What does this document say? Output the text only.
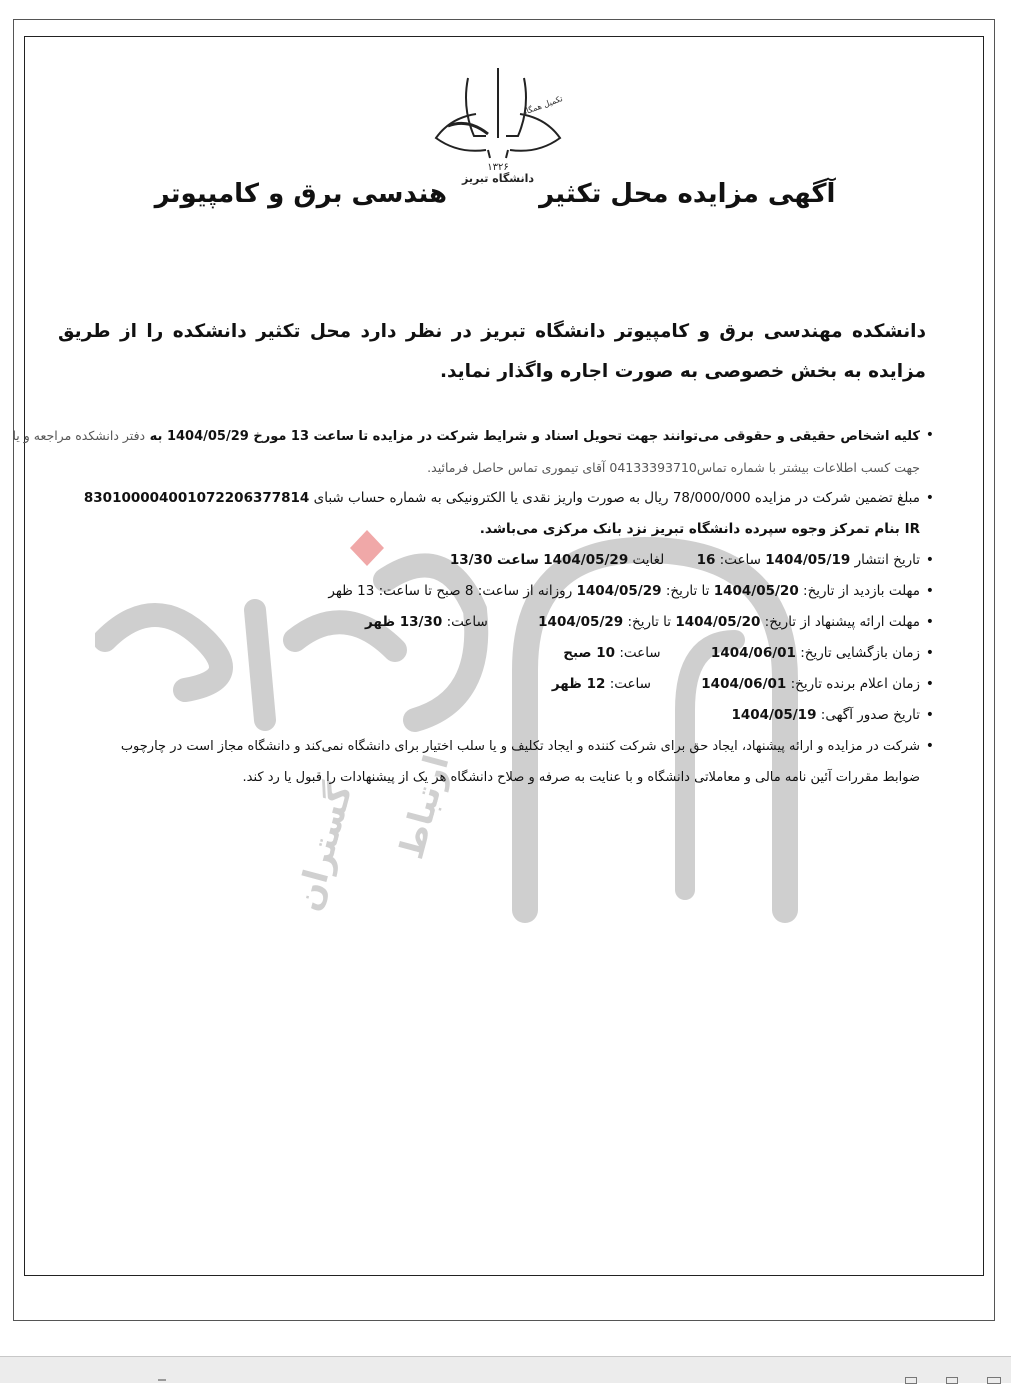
ارتباط
گستران
۱۳۲۶
دانشگاه تبریز
تکمیل همگام
آگهی مزایده محل تکثیرهندسی برق و کامپیوتر
دانشکده مهندسی برق و کامپیوتر دانشگاه تبریز در نظر دارد محل تکثیر دانشکده را از طریق مزایده به بخش خصوصی به صورت اجاره واگذار نماید.
• کلیه اشخاص حقیقی و حقوقی می‌توانند جهت تحویل اسناد و شرایط شرکت در مزایده تا ساعت 13 مورخ 1404/05/29 به دفتر دانشکده مراجعه و یا
جهت کسب اطلاعات بیشتر با شماره تماس04133393710 آقای تیموری تماس حاصل فرمائید.
• مبلغ تضمین شرکت در مزایده 78/000/000 ریال به صورت واریز نقدی یا الکترونیکی به شماره حساب شبای 830100004001072206377814
IR بنام تمرکز وجوه سپرده دانشگاه تبریز نزد بانک مرکزی می‌باشد.
• تاریخ انتشار 1404/05/19 ساعت: 16 لغایت 1404/05/29 ساعت 13/30
• مهلت بازدید از تاریخ: 1404/05/20 تا تاریخ: 1404/05/29 روزانه از ساعت: 8 صبح تا ساعت: 13 ظهر
• مهلت ارائه پیشنهاد از تاریخ: 1404/05/20 تا تاریخ: 1404/05/29 ساعت: 13/30 ظهر
• زمان بازگشایی تاریخ: 1404/06/01 ساعت: 10 صبح
• زمان اعلام برنده تاریخ: 1404/06/01 ساعت: 12 ظهر
• تاریخ صدور آگهی: 1404/05/19
• شرکت در مزایده و ارائه پیشنهاد، ایجاد حق برای شرکت کننده و ایجاد تکلیف و یا سلب اختیار برای دانشگاه نمی‌کند و دانشگاه مجاز است در چارچوب
ضوابط مقررات آئین نامه مالی و معاملاتی دانشگاه و با عنایت به صرفه و صلاح دانشگاه هر یک از پیشنهادات را قبول یا رد کند.
